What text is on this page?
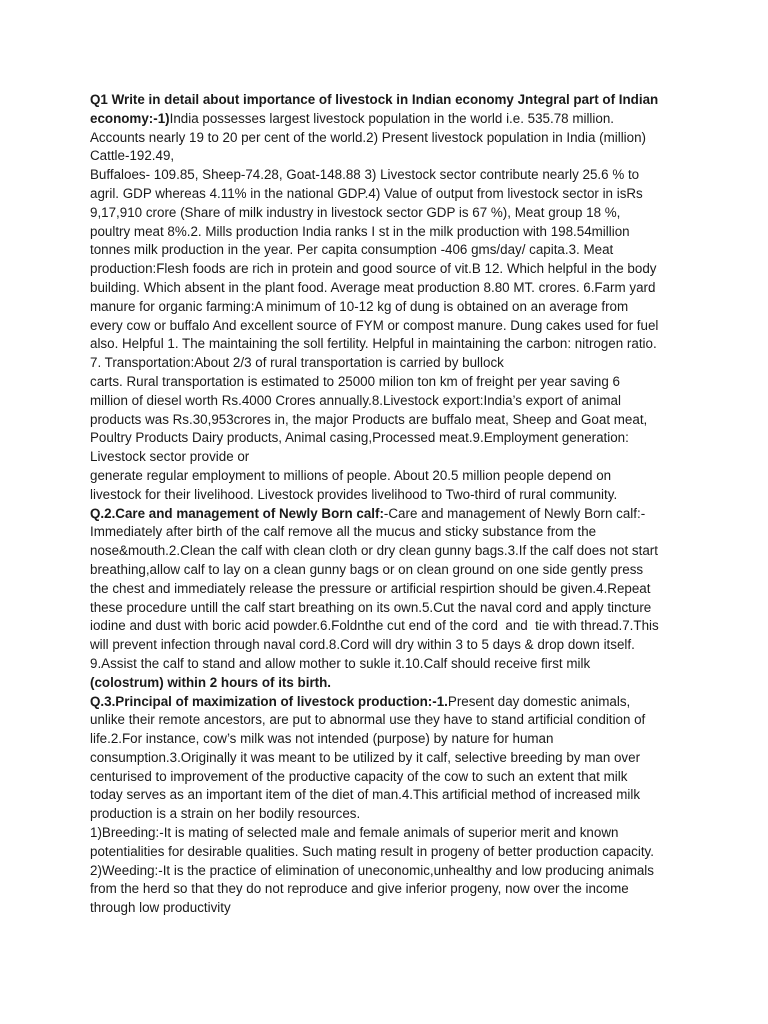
Q1 Write in detail about importance of livestock in Indian economy Jntegral part of Indian
economy:-1)India possesses largest livestock population in the world i.e. 535.78 million.
Accounts nearly 19 to 20 per cent of the world.2) Present livestock population in India (million)
Cattle-192.49,
Buffaloes- 109.85, Sheep-74.28, Goat-148.88 3) Livestock sector contribute nearly 25.6 % to
agril. GDP whereas 4.11% in the national GDP.4) Value of output from livestock sector in isRs
9,17,910 crore (Share of milk industry in livestock sector GDP is 67 %), Meat group 18 %,
poultry meat 8%.2. Mills production India ranks I st in the milk production with 198.54million
tonnes milk production in the year. Per capita consumption -406 gms/day/ capita.3. Meat
production:Flesh foods are rich in protein and good source of vit.B 12. Which helpful in the body
building. Which absent in the plant food. Average meat production 8.80 MT. crores. 6.Farm yard
manure for organic farming:A minimum of 10-12 kg of dung is obtained on an average from
every cow or buffalo And excellent source of FYM or compost manure. Dung cakes used for fuel
also. Helpful 1. The maintaining the soll fertility. Helpful in maintaining the carbon: nitrogen ratio.
7. Transportation:About 2/3 of rural transportation is carried by bullock
carts. Rural transportation is estimated to 25000 milion ton km of freight per year saving 6
million of diesel worth Rs.4000 Crores annually.8.Livestock export:India’s export of animal
products was Rs.30,953crores in, the major Products are buffalo meat, Sheep and Goat meat,
Poultry Products Dairy products, Animal casing,Processed meat.9.Employment generation:
Livestock sector provide or
generate regular employment to millions of people. About 20.5 million people depend on
livestock for their livelihood. Livestock provides livelihood to Two-third of rural community.
Q.2.Care and management of Newly Born calf:-Care and management of Newly Born calf:-
Immediately after birth of the calf remove all the mucus and sticky substance from the
nose&mouth.2.Clean the calf with clean cloth or dry clean gunny bags.3.If the calf does not start
breathing,allow calf to lay on a clean gunny bags or on clean ground on one side gently press
the chest and immediately release the pressure or artificial respirtion should be given.4.Repeat
these procedure untill the calf start breathing on its own.5.Cut the naval cord and apply tincture
iodine and dust with boric acid powder.6.Foldnthe cut end of the cord  and  tie with thread.7.This
will prevent infection through naval cord.8.Cord will dry within 3 to 5 days & drop down itself.
9.Assist the calf to stand and allow mother to sukle it.10.Calf should receive first milk
(colostrum) within 2 hours of its birth.
Q.3.Principal of maximization of livestock production:-1.Present day domestic animals,
unlike their remote ancestors, are put to abnormal use they have to stand artificial condition of
life.2.For instance, cow’s milk was not intended (purpose) by nature for human
consumption.3.Originally it was meant to be utilized by it calf, selective breeding by man over
centurised to improvement of the productive capacity of the cow to such an extent that milk
today serves as an important item of the diet of man.4.This artificial method of increased milk
production is a strain on her bodily resources.
1)Breeding:-It is mating of selected male and female animals of superior merit and known
potentialities for desirable qualities. Such mating result in progeny of better production capacity.
2)Weeding:-It is the practice of elimination of uneconomic,unhealthy and low producing animals
from the herd so that they do not reproduce and give inferior progeny, now over the income
through low productivity
